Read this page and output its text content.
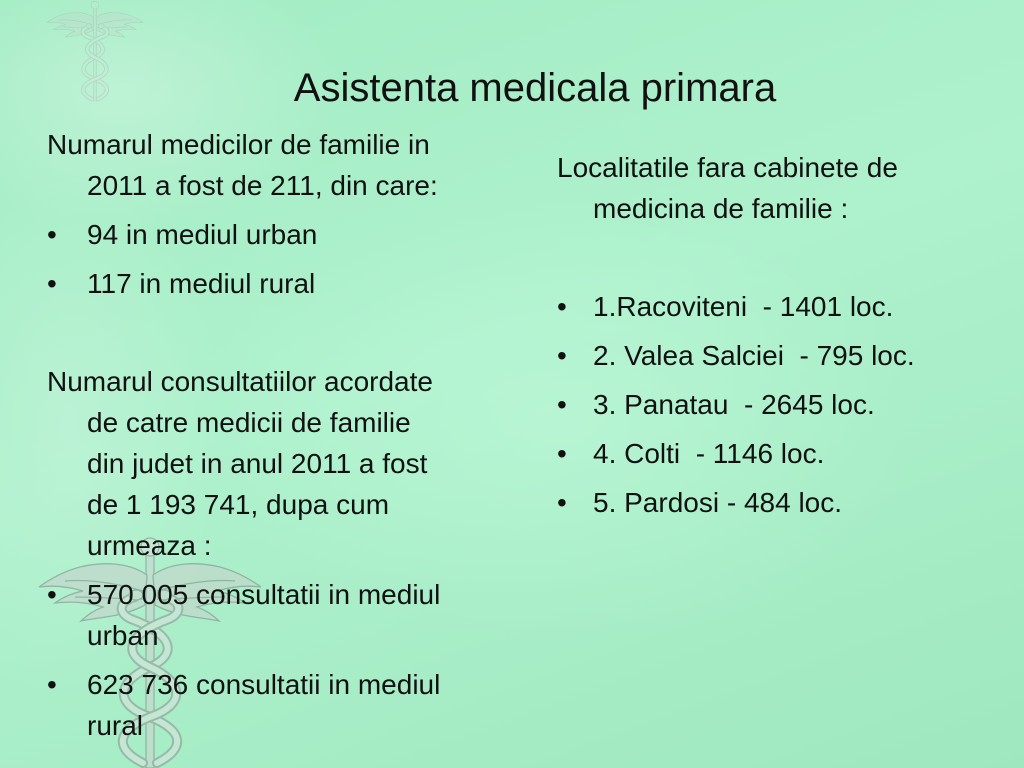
Asistenta medicala primara
Numarul medicilor de familie in
2011 a fost de 211, din care:
•	94 in mediul urban
•	117 in mediul rural
Numarul consultatiilor acordate
de catre medicii de familie
din judet in anul 2011 a fost
de 1 193 741, dupa cum
urmeaza :
•	570 005 consultatii in mediul
urban
•	623 736 consultatii in mediul
rural
Localitatile fara cabinete de
medicina de familie :
• 1.Racoviteni  - 1401 loc.
• 2. Valea Salciei  - 795 loc.
• 3. Panatau  - 2645 loc.
• 4. Colti  - 1146 loc.
• 5. Pardosi - 484 loc.
